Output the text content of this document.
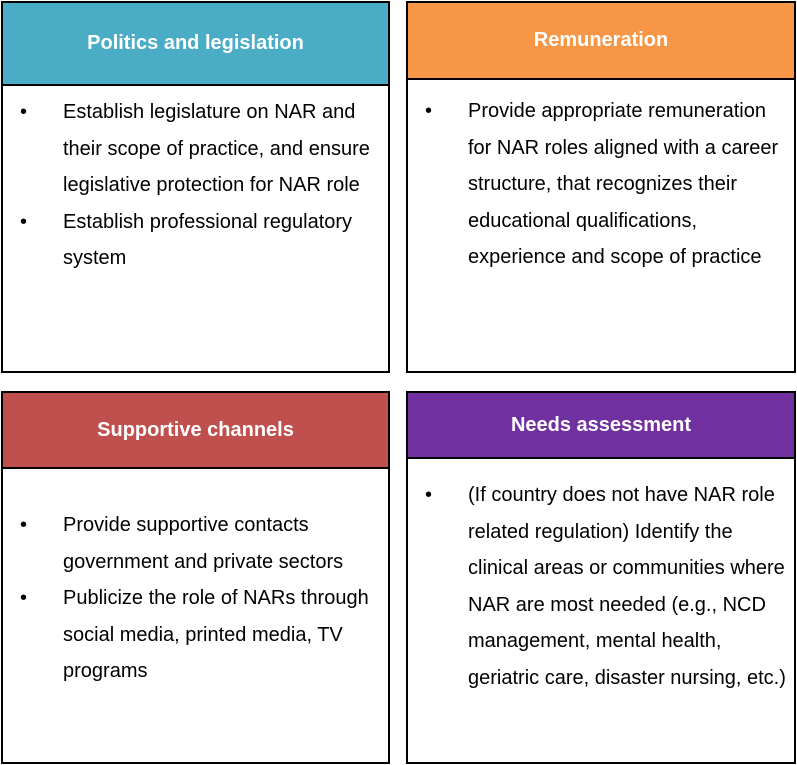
Politics and legislation
• Establish legislature on NAR and their scope of practice, and ensure legislative protection for NAR role
• Establish professional regulatory system
Remuneration
• Provide appropriate remuneration for NAR roles aligned with a career structure, that recognizes their educational qualifications, experience and scope of practice
Supportive channels
• Provide supportive contacts government and private sectors
• Publicize the role of NARs through social media, printed media, TV programs
Needs assessment
• (If country does not have NAR role related regulation) Identify the clinical areas or communities where NAR are most needed (e.g., NCD management, mental health, geriatric care, disaster nursing, etc.)
